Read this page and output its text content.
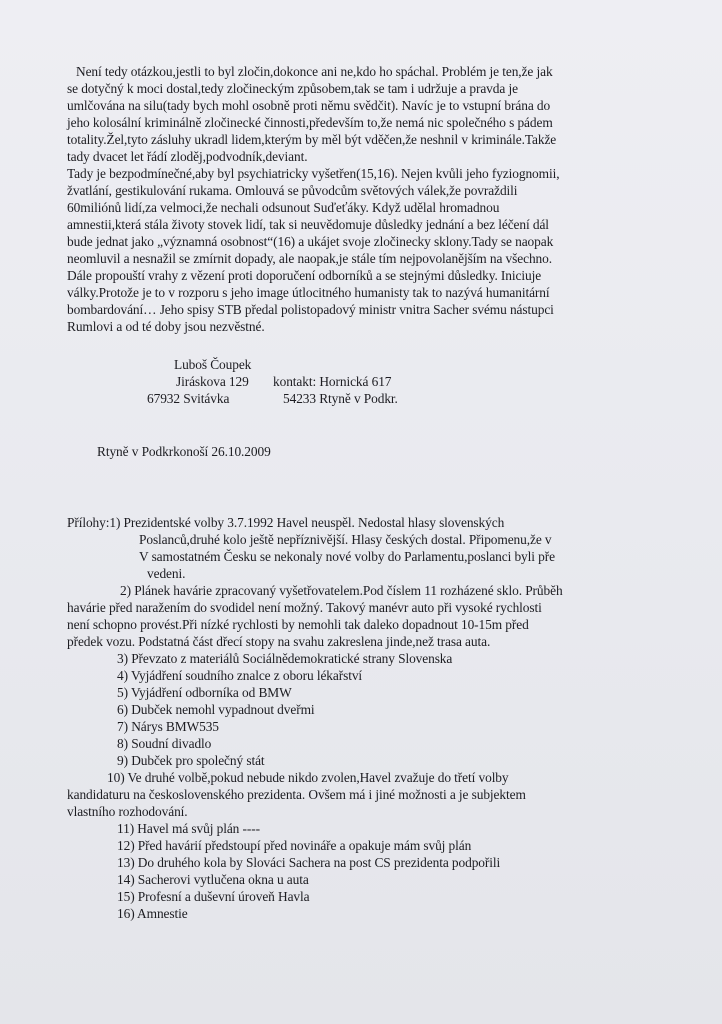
Není tedy otázkou,jestli to byl zločin,dokonce ani ne,kdo ho spáchal. Problém je ten,že jak
se dotyčný k moci dostal,tedy zločineckým způsobem,tak se tam i udržuje a pravda je
umlčována na silu(tady bych mohl osobně proti němu svědčit). Navíc je to vstupní brána do
jeho kolosální kriminálně zločinecké činnosti,především to,že nemá nic společného s pádem
totality.Žel,tyto zásluhy ukradl lidem,kterým by měl být vděčen,že neshnil v kriminále.Takže
tady dvacet let řádí zloděj,podvodník,deviant.
Tady je bezpodmínečné,aby byl psychiatricky vyšetřen(15,16). Nejen kvůli jeho fyziognomii,
žvatlání, gestikulování rukama. Omlouvá se původcům světových válek,že povraždili
60miliónů lidí,za velmoci,že nechali odsunout Suďeťáky. Když udělal hromadnou
amnestii,která stála životy stovek lidí, tak si neuvědomuje důsledky jednání a bez léčení dál
bude jednat jako „významná osobnost“(16) a ukájet svoje zločinecky sklony.Tady se naopak
neomluvil a nesnažil se zmírnit dopady, ale naopak,je stále tím nejpovolanějším na všechno.
Dále propouští vrahy z vězení proti doporučení odborníků a se stejnými důsledky. Iniciuje
války.Protože je to v rozporu s jeho image útlocitného humanisty tak to nazývá humanitární
bombardování… Jeho spisy STB předal polistopadový ministr vnitra Sacher svému nástupci
Rumlovi a od té doby jsou nezvěstné.
Luboš Čoupek
Jiráskova 129 kontakt: Hornická 617
67932 Svitávka	54233 Rtyně v Podkr.
Rtyně v Podkrkonoší 26.10.2009
Přílohy:1) Prezidentské volby 3.7.1992 Havel neuspěl. Nedostal hlasy slovenských
Poslanců,druhé kolo ještě nepříznivější. Hlasy českých dostal. Připomenu,že v
V samostatném Česku se nekonaly nové volby do Parlamentu,poslanci byli pře
vedeni.
2) Plánek havárie zpracovaný vyšetřovatelem.Pod číslem 11 rozházené sklo. Průběh
havárie před naražením do svodidel není možný. Takový manévr auto při vysoké rychlosti
není schopno provést.Při nízké rychlosti by nemohli tak daleko dopadnout 10-15m před
předek vozu. Podstatná část dřecí stopy na svahu zakreslena jinde,než trasa auta.
3) Převzato z materiálů Sociálnědemokratické strany Slovenska
4) Vyjádření soudního znalce z oboru lékařství
5) Vyjádření odborníka od BMW
6) Dubček nemohl vypadnout dveřmi
7) Nárys BMW535
8) Soudní divadlo
9) Dubček pro společný stát
10) Ve druhé volbě,pokud nebude nikdo zvolen,Havel zvažuje do třetí volby
kandidaturu na československého prezidenta. Ovšem má i jiné možnosti a je subjektem
vlastního rozhodování.
11) Havel má svůj plán ----
12) Před havárií předstoupí před novináře a opakuje mám svůj plán
13) Do druhého kola by Slováci Sachera na post CS prezidenta podpořili
14) Sacherovi vytlučena okna u auta
15) Profesní a duševní úroveň Havla
16) Amnestie
